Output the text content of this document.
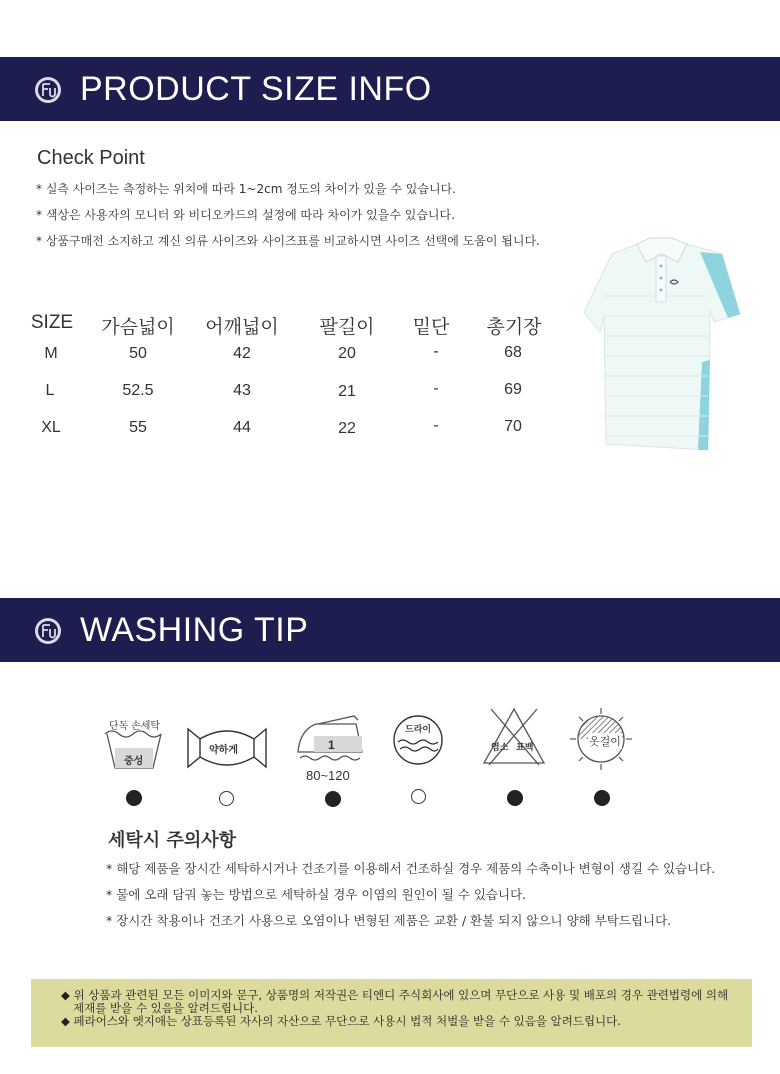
PRODUCT SIZE INFO
Check Point
* 실측 사이즈는 측정하는 위치에 따라 1~2cm 정도의 차이가 있을 수 있습니다.
* 색상은 사용자의 모니터 와 비디오카드의 설정에 따라 차이가 있을수 있습니다.
* 상품구매전 소지하고 계신 의류 사이즈와 사이즈표를 비교하시면 사이즈 선택에 도움이 됩니다.
SIZE	가슴넓이	어깨넓이	팔길이	밑단	총기장
M	50	42	20	-	68
L	52.5	43	21	-	69
XL	55	44	22	-	70
WASHING TIP
단독 손세탁
중성
약하게	1
80~120
드라이
염소 표백	옷걸이
세탁시 주의사항
* 해당 제품을 장시간 세탁하시거나 건조기를 이용해서 건조하실 경우 제품의 수축이나 변형이 생길 수 있습니다.
* 물에 오래 담궈 놓는 방법으로 세탁하실 경우 이염의 원인이 될 수 있습니다.
* 장시간 착용이나 건조기 사용으로 오염이나 변형된 제품은 교환 / 환불 되지 않으니 양해 부탁드립니다.

◆ 위 상품과 관련된 모든 이미지와 문구, 상품명의 저작권은 티엔디 주식회사에 있으며 무단으로 사용 및 배포의 경우 관련법령에 의해

제재를 받을 수 있음을 알려드립니다.

◆ 페라어스와 엣지애는 상표등록된 자사의 자산으로 무단으로 사용시 법적 처벌을 받을 수 있음을 알려드립니다.
